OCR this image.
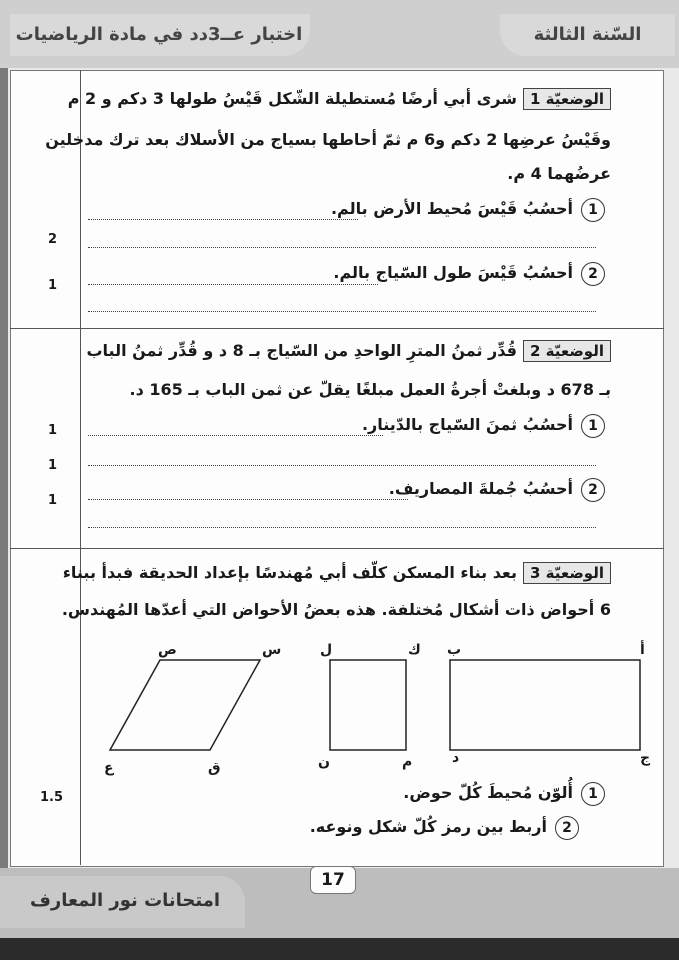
اختبار عــ3دد في مادة الرياضيات	السّنة الثالثة
الوضعيّة 1شرى أبي أرضًا مُستطيلة الشّكل قَيْسُ طولها 3 دكم و 2 م
وقَيْسُ عرضِها 2 دكم و6 م ثمّ أحاطها بسياج من الأسلاك بعد ترك مدخلين
عرضُهما 4 م.
1أحسُبُ قَيْسَ مُحيط الأرض بالم.
2أحسُبُ قَيْسَ طول السّياج بالم.
2
1
الوضعيّة 2قُدِّر ثمنُ المترِ الواحدِ من السّياج بـ 8 د و قُدِّر ثمنُ الباب
بـ 678 د وبلغتْ أجرةُ العمل مبلغًا يقلّ عن ثمن الباب بـ 165 د.
1أحسُبُ ثمنَ السّياج بالدّينار.
2أحسُبُ جُملةَ المصاريف.
1
1
1
الوضعيّة 3بعد بناء المسكن كلّف أبي مُهندسًا بإعداد الحديقة فبدأ ببناء
6 أحواض ذات أشكال مُختلفة. هذه بعضُ الأحواض التي أعدّها المُهندس.
ص	س
ع	ق
ل	ك
ن	م
ب	أ
د	ج
1أُلوّن مُحيطَ كُلّ حوض.
2أربط بين رمز كُلّ شكل ونوعه.
1.5
امتحانات نور المعارف
17
